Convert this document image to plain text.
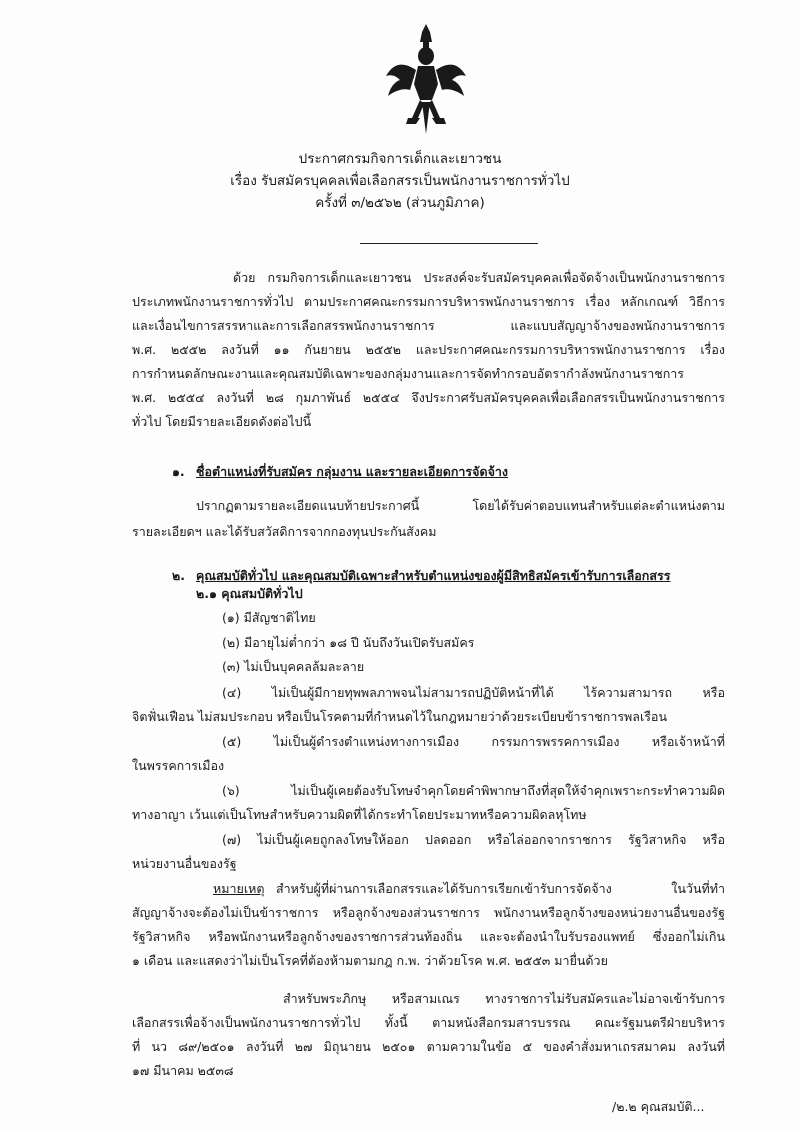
ประกาศกรมกิจการเด็กและเยาวชน
เรื่อง รับสมัครบุคคลเพื่อเลือกสรรเป็นพนักงานราชการทั่วไป
ครั้งที่ ๓/๒๕๖๒ (ส่วนภูมิภาค)
ด้วย กรมกิจการเด็กและเยาวชน ประสงค์จะรับสมัครบุคคลเพื่อจัดจ้างเป็นพนักงานราชการ
ประเภทพนักงานราชการทั่วไป ตามประกาศคณะกรรมการบริหารพนักงานราชการ เรื่อง หลักเกณฑ์ วิธีการ
และเงื่อนไขการสรรหาและการเลือกสรรพนักงานราชการ และแบบสัญญาจ้างของพนักงานราชการ
พ.ศ. ๒๕๕๒ ลงวันที่ ๑๑ กันยายน ๒๕๕๒ และประกาศคณะกรรมการบริหารพนักงานราชการ เรื่อง
การกำหนดลักษณะงานและคุณสมบัติเฉพาะของกลุ่มงานและการจัดทำกรอบอัตรากำลังพนักงานราชการ
พ.ศ. ๒๕๕๔ ลงวันที่ ๒๘ กุมภาพันธ์ ๒๕๕๔ จึงประกาศรับสมัครบุคคลเพื่อเลือกสรรเป็นพนักงานราชการ
ทั่วไป โดยมีรายละเอียดดังต่อไปนี้
๑. ชื่อตำแหน่งที่รับสมัคร กลุ่มงาน และรายละเอียดการจัดจ้าง
ปรากฏตามรายละเอียดแนบท้ายประกาศนี้ โดยได้รับค่าตอบแทนสำหรับแต่ละตำแหน่งตาม
รายละเอียดฯ และได้รับสวัสดิการจากกองทุนประกันสังคม
๒. คุณสมบัติทั่วไป และคุณสมบัติเฉพาะสำหรับตำแหน่งของผู้มีสิทธิสมัครเข้ารับการเลือกสรร
๒.๑ คุณสมบัติทั่วไป
(๑) มีสัญชาติไทย
(๒) มีอายุไม่ต่ำกว่า ๑๘ ปี นับถึงวันเปิดรับสมัคร
(๓) ไม่เป็นบุคคลล้มละลาย
(๔) ไม่เป็นผู้มีกายทุพพลภาพจนไม่สามารถปฏิบัติหน้าที่ได้ ไร้ความสามารถ หรือ
จิตฟั่นเฟือน ไม่สมประกอบ หรือเป็นโรคตามที่กำหนดไว้ในกฎหมายว่าด้วยระเบียบข้าราชการพลเรือน
(๕) ไม่เป็นผู้ดำรงตำแหน่งทางการเมือง กรรมการพรรคการเมือง หรือเจ้าหน้าที่
ในพรรคการเมือง
(๖) ไม่เป็นผู้เคยต้องรับโทษจำคุกโดยคำพิพากษาถึงที่สุดให้จำคุกเพราะกระทำความผิด
ทางอาญา เว้นแต่เป็นโทษสำหรับความผิดที่ได้กระทำโดยประมาทหรือความผิดลหุโทษ
(๗) ไม่เป็นผู้เคยถูกลงโทษให้ออก ปลดออก หรือไล่ออกจากราชการ รัฐวิสาหกิจ หรือ
หน่วยงานอื่นของรัฐ
หมายเหตุ สำหรับผู้ที่ผ่านการเลือกสรรและได้รับการเรียกเข้ารับการจัดจ้าง ในวันที่ทำ
สัญญาจ้างจะต้องไม่เป็นข้าราชการ หรือลูกจ้างของส่วนราชการ พนักงานหรือลูกจ้างของหน่วยงานอื่นของรัฐ
รัฐวิสาหกิจ หรือพนักงานหรือลูกจ้างของราชการส่วนท้องถิ่น และจะต้องนำใบรับรองแพทย์ ซึ่งออกไม่เกิน
๑ เดือน และแสดงว่าไม่เป็นโรคที่ต้องห้ามตามกฎ ก.พ. ว่าด้วยโรค พ.ศ. ๒๕๕๓ มายื่นด้วย
สำหรับพระภิกษุ หรือสามเณร ทางราชการไม่รับสมัครและไม่อาจเข้ารับการ
เลือกสรรเพื่อจ้างเป็นพนักงานราชการทั่วไป ทั้งนี้ ตามหนังสือกรมสารบรรณ คณะรัฐมนตรีฝ่ายบริหาร
ที่ นว ๘๙/๒๕๐๑ ลงวันที่ ๒๗ มิถุนายน ๒๕๐๑ ตามความในข้อ ๕ ของคำสั่งมหาเถรสมาคม ลงวันที่
๑๗ มีนาคม ๒๕๓๘
/๒.๒ คุณสมบัติ...
